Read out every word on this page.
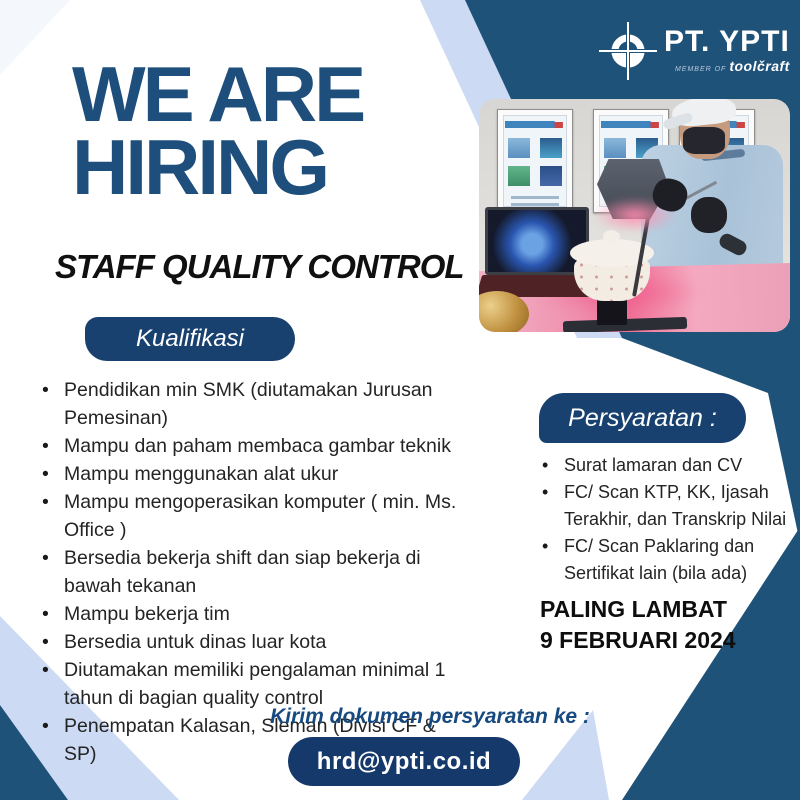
PT. YPTI
MEMBER OF toolčraft
WE ARE
HIRING
STAFF QUALITY CONTROL
Kualifikasi
• Pendidikan min SMK (diutamakan Jurusan Pemesinan)
• Mampu dan paham membaca gambar teknik
• Mampu menggunakan alat ukur
• Mampu mengoperasikan komputer ( min. Ms. Office )
• Bersedia bekerja shift dan siap bekerja di bawah tekanan
• Mampu bekerja tim
• Bersedia untuk dinas luar kota
• Diutamakan memiliki pengalaman minimal 1 tahun di bagian quality control
• Penempatan Kalasan, Sleman (Divisi CF & SP)
Persyaratan :
• Surat lamaran dan CV
• FC/ Scan KTP, KK, Ijasah Terakhir, dan Transkrip Nilai
• FC/ Scan Paklaring dan Sertifikat lain (bila ada)
PALING LAMBAT
9 FEBRUARI 2024
Kirim dokumen persyaratan ke :
hrd@ypti.co.id
